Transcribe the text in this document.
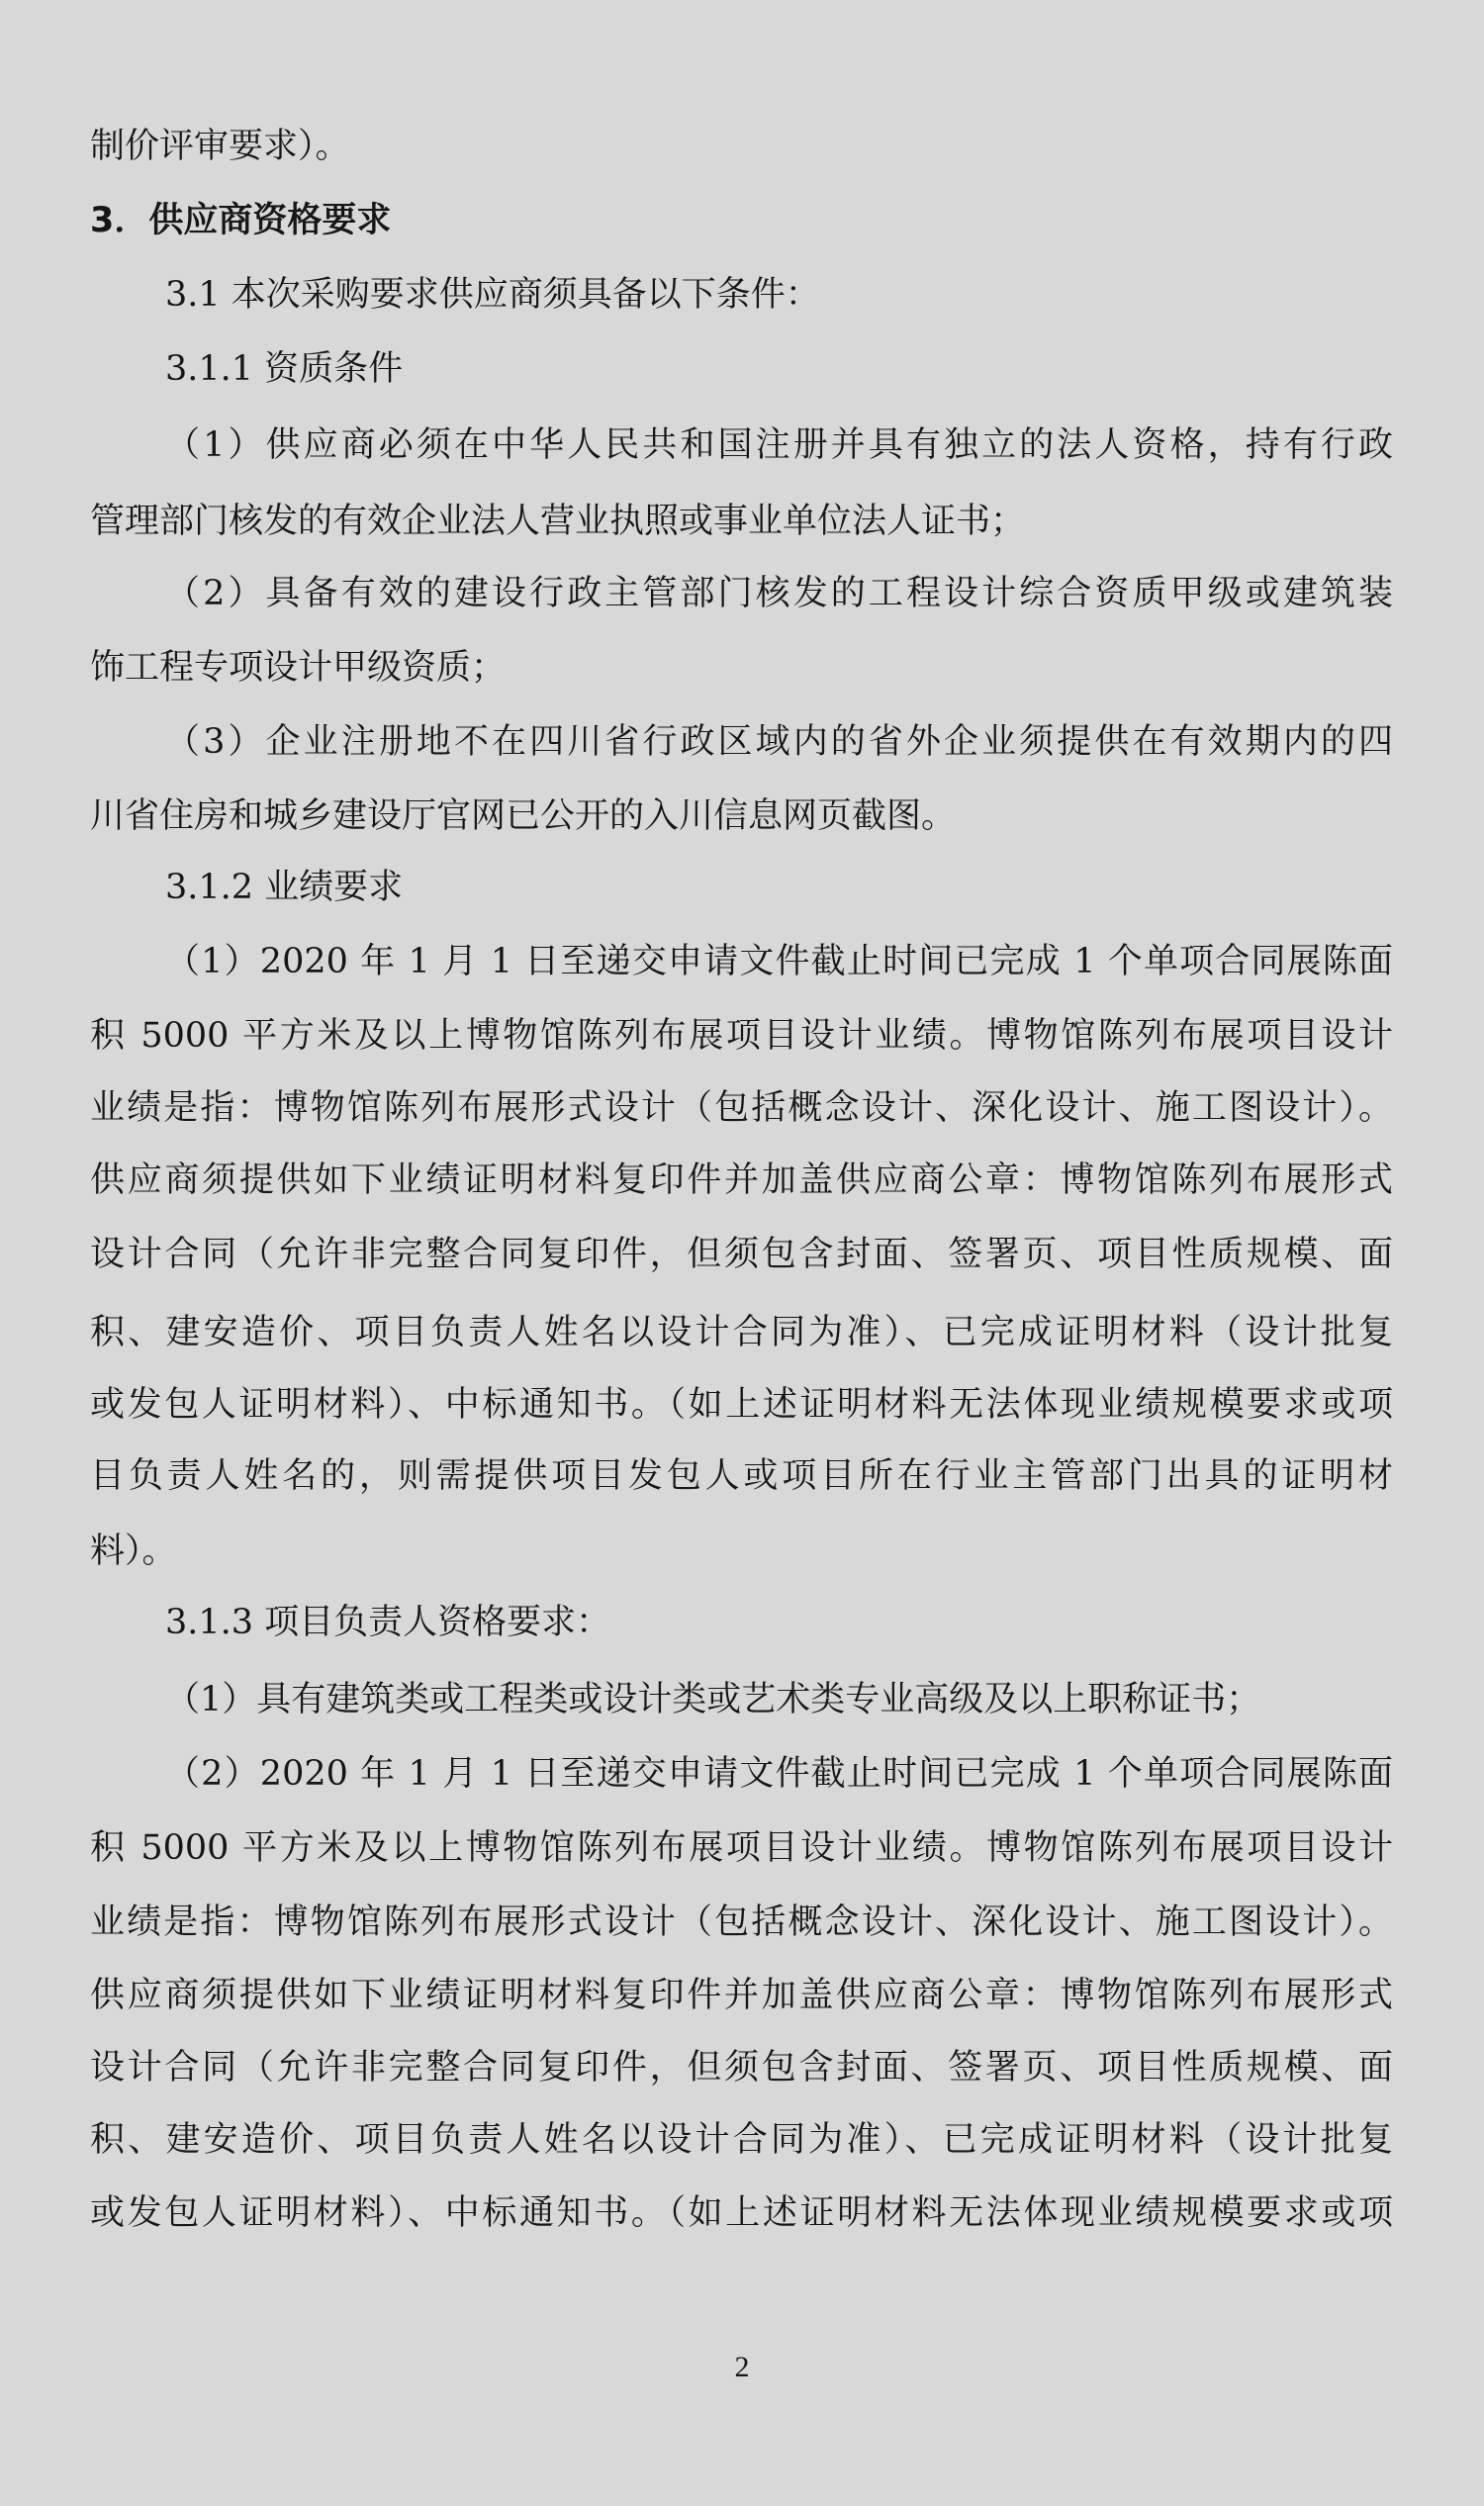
制价评审要求）。
3．供应商资格要求
3.1 本次采购要求供应商须具备以下条件：
3.1.1 资质条件
（1）供应商必须在中华人民共和国注册并具有独立的法人资格，持有行政
管理部门核发的有效企业法人营业执照或事业单位法人证书；
（2）具备有效的建设行政主管部门核发的工程设计综合资质甲级或建筑装
饰工程专项设计甲级资质；
（3）企业注册地不在四川省行政区域内的省外企业须提供在有效期内的四
川省住房和城乡建设厅官网已公开的入川信息网页截图。
3.1.2 业绩要求
（1）2020 年 1 月 1 日至递交申请文件截止时间已完成 1 个单项合同展陈面
积 5000 平方米及以上博物馆陈列布展项目设计业绩。博物馆陈列布展项目设计
业绩是指：博物馆陈列布展形式设计（包括概念设计、深化设计、施工图设计）。
供应商须提供如下业绩证明材料复印件并加盖供应商公章：博物馆陈列布展形式
设计合同（允许非完整合同复印件，但须包含封面、签署页、项目性质规模、面
积、建安造价、项目负责人姓名以设计合同为准）、已完成证明材料（设计批复
或发包人证明材料）、中标通知书。（如上述证明材料无法体现业绩规模要求或项
目负责人姓名的，则需提供项目发包人或项目所在行业主管部门出具的证明材
料）。
3.1.3 项目负责人资格要求：
（1）具有建筑类或工程类或设计类或艺术类专业高级及以上职称证书；
（2）2020 年 1 月 1 日至递交申请文件截止时间已完成 1 个单项合同展陈面
积 5000 平方米及以上博物馆陈列布展项目设计业绩。博物馆陈列布展项目设计
业绩是指：博物馆陈列布展形式设计（包括概念设计、深化设计、施工图设计）。
供应商须提供如下业绩证明材料复印件并加盖供应商公章：博物馆陈列布展形式
设计合同（允许非完整合同复印件，但须包含封面、签署页、项目性质规模、面
积、建安造价、项目负责人姓名以设计合同为准）、已完成证明材料（设计批复
或发包人证明材料）、中标通知书。（如上述证明材料无法体现业绩规模要求或项
2
